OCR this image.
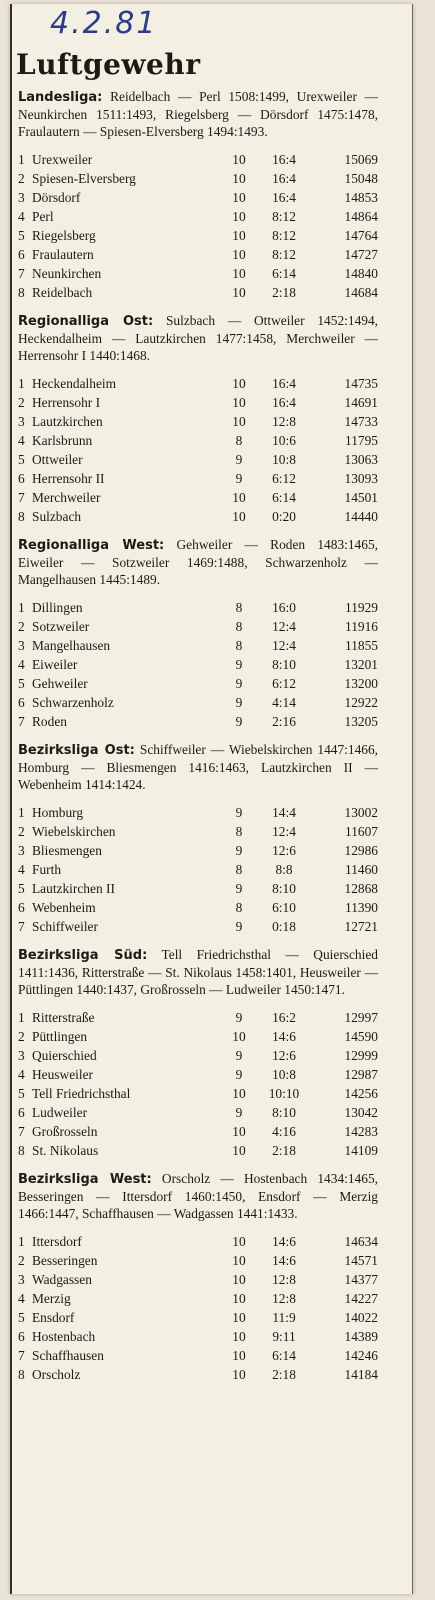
4.2.81
Luftgewehr

Landesliga: Reidelbach — Perl 1508:1499, Urexweiler — Neunkirchen 1511:1493, Riegelsberg — Dörsdorf 1475:1478, Fraulautern — Spiesen-Elversberg 1494:1493.

1	Urexweiler	10	16:4	15069
2	Spiesen-Elversberg	10	16:4	15048
3	Dörsdorf	10	16:4	14853
4	Perl	10	8:12	14864
5	Riegelsberg	10	8:12	14764
6	Fraulautern	10	8:12	14727
7	Neunkirchen	10	6:14	14840
8	Reidelbach	10	2:18	14684

Regionalliga Ost: Sulzbach — Ottweiler 1452:1494, Heckendalheim — Lautzkirchen 1477:1458, Merchweiler — Herrensohr I 1440:1468.

1	Heckendalheim	10	16:4	14735
2	Herrensohr I	10	16:4	14691
3	Lautzkirchen	10	12:8	14733
4	Karlsbrunn	8	10:6	11795
5	Ottweiler	9	10:8	13063
6	Herrensohr II	9	6:12	13093
7	Merchweiler	10	6:14	14501
8	Sulzbach	10	0:20	14440

Regionalliga West: Gehweiler — Roden 1483:1465, Eiweiler — Sotzweiler 1469:1488, Schwarzenholz — Mangelhausen 1445:1489.

1	Dillingen	8	16:0	11929
2	Sotzweiler	8	12:4	11916
3	Mangelhausen	8	12:4	11855
4	Eiweiler	9	8:10	13201
5	Gehweiler	9	6:12	13200
6	Schwarzenholz	9	4:14	12922
7	Roden	9	2:16	13205

Bezirksliga Ost: Schiffweiler — Wiebelskirchen 1447:1466, Homburg — Bliesmengen 1416:1463, Lautzkirchen II — Webenheim 1414:1424.

1	Homburg	9	14:4	13002
2	Wiebelskirchen	8	12:4	11607
3	Bliesmengen	9	12:6	12986
4	Furth	8	8:8	11460
5	Lautzkirchen II	9	8:10	12868
6	Webenheim	8	6:10	11390
7	Schiffweiler	9	0:18	12721

Bezirksliga Süd: Tell Friedrichsthal — Quierschied 1411:1436, Ritterstraße — St. Nikolaus 1458:1401, Heusweiler — Püttlingen 1440:1437, Großrosseln — Ludweiler 1450:1471.

1	Ritterstraße	9	16:2	12997
2	Püttlingen	10	14:6	14590
3	Quierschied	9	12:6	12999
4	Heusweiler	9	10:8	12987
5	Tell Friedrichsthal	10	10:10	14256
6	Ludweiler	9	8:10	13042
7	Großrosseln	10	4:16	14283
8	St. Nikolaus	10	2:18	14109

Bezirksliga West: Orscholz — Hostenbach 1434:1465, Besseringen — Ittersdorf 1460:1450, Ensdorf — Merzig 1466:1447, Schaffhausen — Wadgassen 1441:1433.

1	Ittersdorf	10	14:6	14634
2	Besseringen	10	14:6	14571
3	Wadgassen	10	12:8	14377
4	Merzig	10	12:8	14227
5	Ensdorf	10	11:9	14022
6	Hostenbach	10	9:11	14389
7	Schaffhausen	10	6:14	14246
8	Orscholz	10	2:18	14184
